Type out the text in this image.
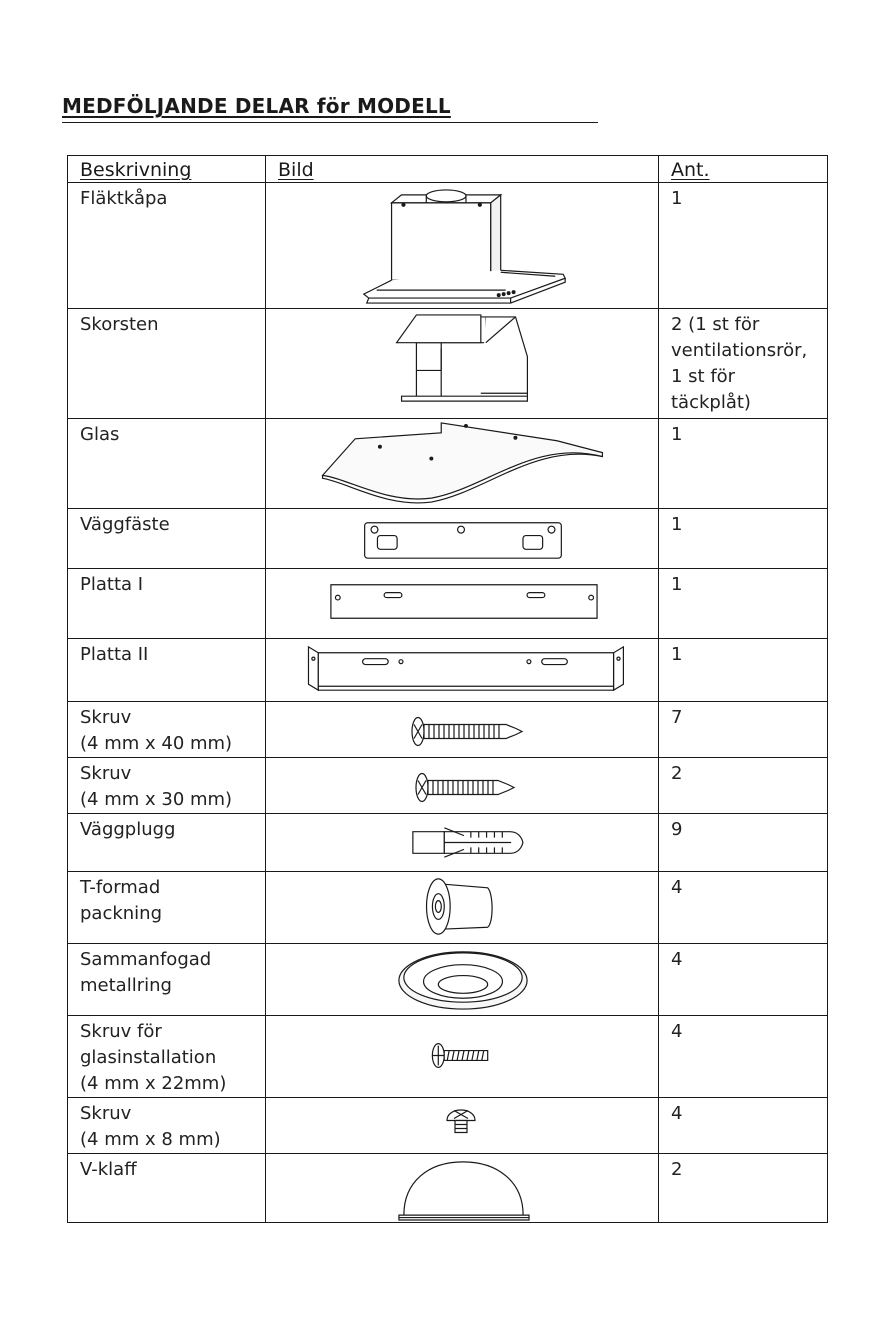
MEDFÖLJANDE DELAR för MODELL
Beskrivning	Bild	Ant.

Fläktkåpa		1

Skorsten		2 (1 st för
ventilationsrör,
1 st för
täckplåt)

Glas		1

Väggfäste		1

Platta I		1

Platta II		1

Skruv
(4 mm x 40 mm)		7

Skruv
(4 mm x 30 mm)		2

Väggplugg		9

T-formad
packning		4

Sammanfogad
metallring		4

Skruv för
glasinstallation
(4 mm x 22mm)		4

Skruv
(4 mm x 8 mm)		4

V-klaff		2
